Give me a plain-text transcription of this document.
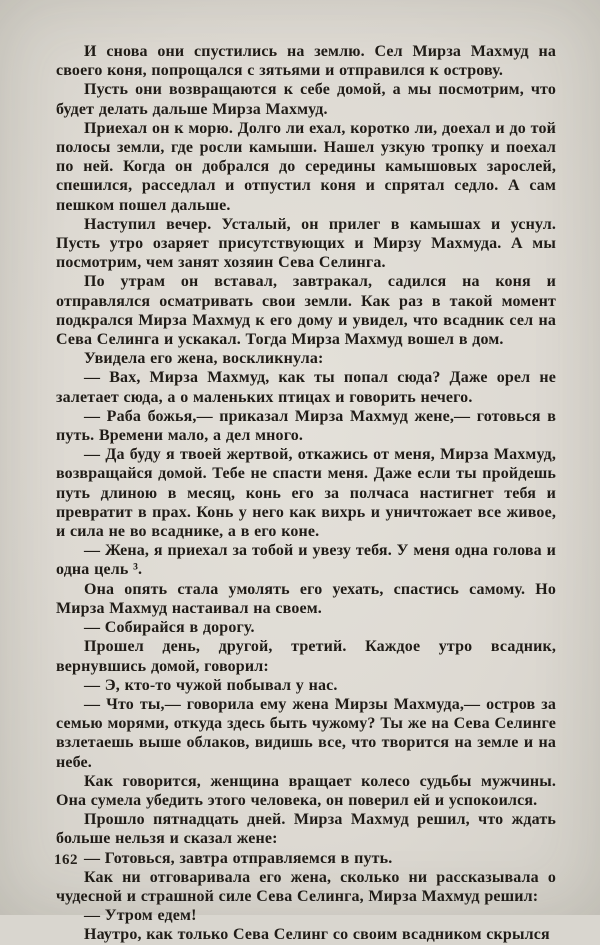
И снова они спустились на землю. Сел Мирза Махмуд на своего коня, попрощался с зятьями и отправился к острову.

Пусть они возвращаются к себе домой, а мы посмотрим, что будет делать дальше Мирза Махмуд.

Приехал он к морю. Долго ли ехал, коротко ли, доехал и до той полосы земли, где росли камыши. Нашел узкую тропку и поехал по ней. Когда он добрался до середины камышовых зарослей, спешился, расседлал и отпустил коня и спрятал седло. А сам пешком пошел дальше.

Наступил вечер. Усталый, он прилег в камышах и уснул. Пусть утро озаряет присутствующих и Мирзу Махмуда. А мы посмотрим, чем занят хозяин Сева Селинга.

По утрам он вставал, завтракал, садился на коня и отправлялся осматривать свои земли. Как раз в такой момент подкрался Мирза Махмуд к его дому и увидел, что всадник сел на Сева Селинга и ускакал. Тогда Мирза Махмуд вошел в дом.

Увидела его жена, воскликнула:

— Вах, Мирза Махмуд, как ты попал сюда? Даже орел не залетает сюда, а о маленьких птицах и говорить нечего.

— Раба божья,— приказал Мирза Махмуд жене,— готовься в путь. Времени мало, а дел много.

— Да буду я твоей жертвой, откажись от меня, Мирза Махмуд, возвращайся домой. Тебе не спасти меня. Даже если ты пройдешь путь длиною в месяц, конь его за полчаса настигнет тебя и превратит в прах. Конь у него как вихрь и уничтожает все живое, и сила не во всаднике, а в его коне.

— Жена, я приехал за тобой и увезу тебя. У меня одна голова и одна цель ³.

Она опять стала умолять его уехать, спастись самому. Но Мирза Махмуд настаивал на своем.

— Собирайся в дорогу.

Прошел день, другой, третий. Каждое утро всадник, вернувшись домой, говорил:

— Э, кто-то чужой побывал у нас.

— Что ты,— говорила ему жена Мирзы Махмуда,— остров за семью морями, откуда здесь быть чужому? Ты же на Сева Селинге взлетаешь выше облаков, видишь все, что творится на земле и на небе.

Как говорится, женщина вращает колесо судьбы мужчины. Она сумела убедить этого человека, он поверил ей и успокоился.

Прошло пятнадцать дней. Мирза Махмуд решил, что ждать больше нельзя и сказал жене:

— Готовься, завтра отправляемся в путь.

Как ни отговаривала его жена, сколько ни рассказывала о чудесной и страшной силе Сева Селинга, Мирза Махмуд решил:

— Утром едем!

Наутро, как только Сева Селинг со своим всадником скрылся

162
